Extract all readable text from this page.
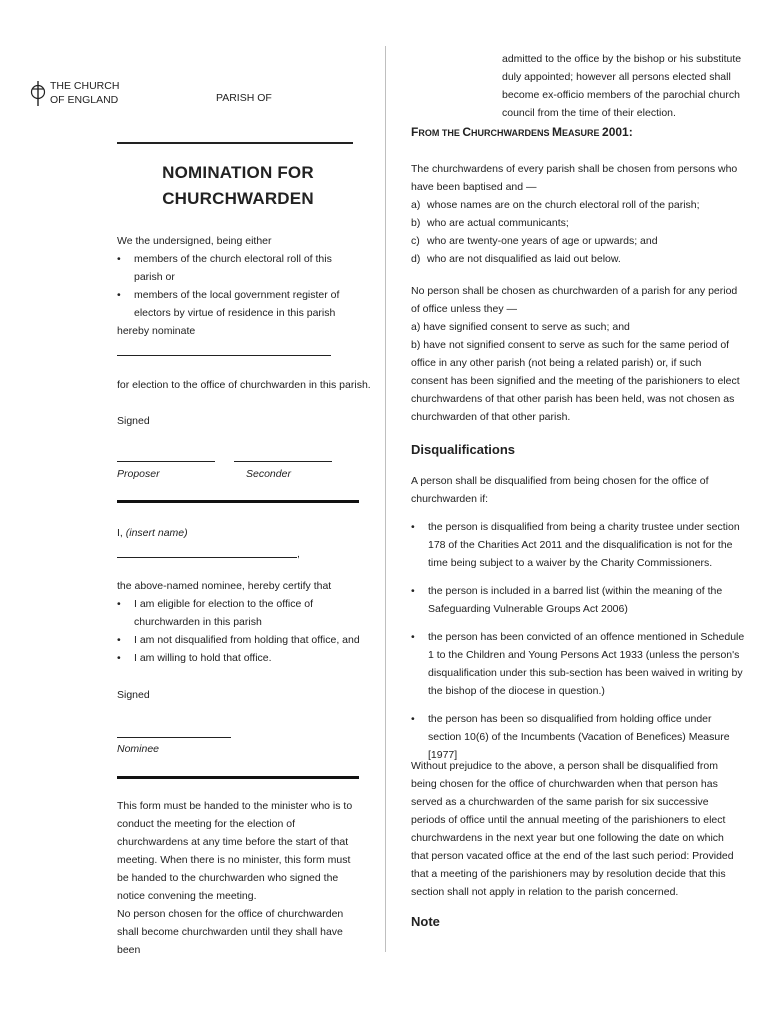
THE CHURCH
OF ENGLAND	PARISH OF
NOMINATION FOR
CHURCHWARDEN
We the undersigned, being either
• members of the church electoral roll of this parish or
• members of the local government register of electors by virtue of residence in this parish
hereby nominate
for election to the office of churchwarden in this parish.
Signed
Proposer	Seconder
I, (insert name)
,
the above-named nominee, hereby certify that
• I am eligible for election to the office of churchwarden in this parish
• I am not disqualified from holding that office, and
• I am willing to hold that office.
Signed
Nominee
This form must be handed to the minister who is to conduct the meeting for the election of churchwardens at any time before the start of that meeting. When there is no minister, this form must be handed to the churchwarden who signed the notice convening the meeting.
No person chosen for the office of churchwarden shall become churchwarden until they shall have been
admitted to the office by the bishop or his substitute duly appointed; however all persons elected shall become ex-officio members of the parochial church council from the time of their election.
FROM THE CHURCHWARDENS MEASURE 2001:
The churchwardens of every parish shall be chosen from persons who have been baptised and —
a) whose names are on the church electoral roll of the parish;
b) who are actual communicants;
c) who are twenty-one years of age or upwards; and
d) who are not disqualified as laid out below.
No person shall be chosen as churchwarden of a parish for any period of office unless they —
a) have signified consent to serve as such; and
b) have not signified consent to serve as such for the same period of office in any other parish (not being a related parish) or, if such consent has been signified and the meeting of the parishioners to elect churchwardens of that other parish has been held, was not chosen as churchwarden of that other parish.
Disqualifications
A person shall be disqualified from being chosen for the office of churchwarden if:
• the person is disqualified from being a charity trustee under section 178 of the Charities Act 2011 and the disqualification is not for the time being subject to a waiver by the Charity Commissioners.
• the person is included in a barred list (within the meaning of the Safeguarding Vulnerable Groups Act 2006)
• the person has been convicted of an offence mentioned in Schedule 1 to the Children and Young Persons Act 1933 (unless the person's disqualification under this sub-section has been waived in writing by the bishop of the diocese in question.)
• the person has been so disqualified from holding office under section 10(6) of the Incumbents (Vacation of Benefices) Measure [1977]
Without prejudice to the above, a person shall be disqualified from being chosen for the office of churchwarden when that person has served as a churchwarden of the same parish for six successive periods of office until the annual meeting of the parishioners to elect churchwardens in the next year but one following the date on which that person vacated office at the end of the last such period: Provided that a meeting of the parishioners may by resolution decide that this section shall not apply in relation to the parish concerned.
Note
